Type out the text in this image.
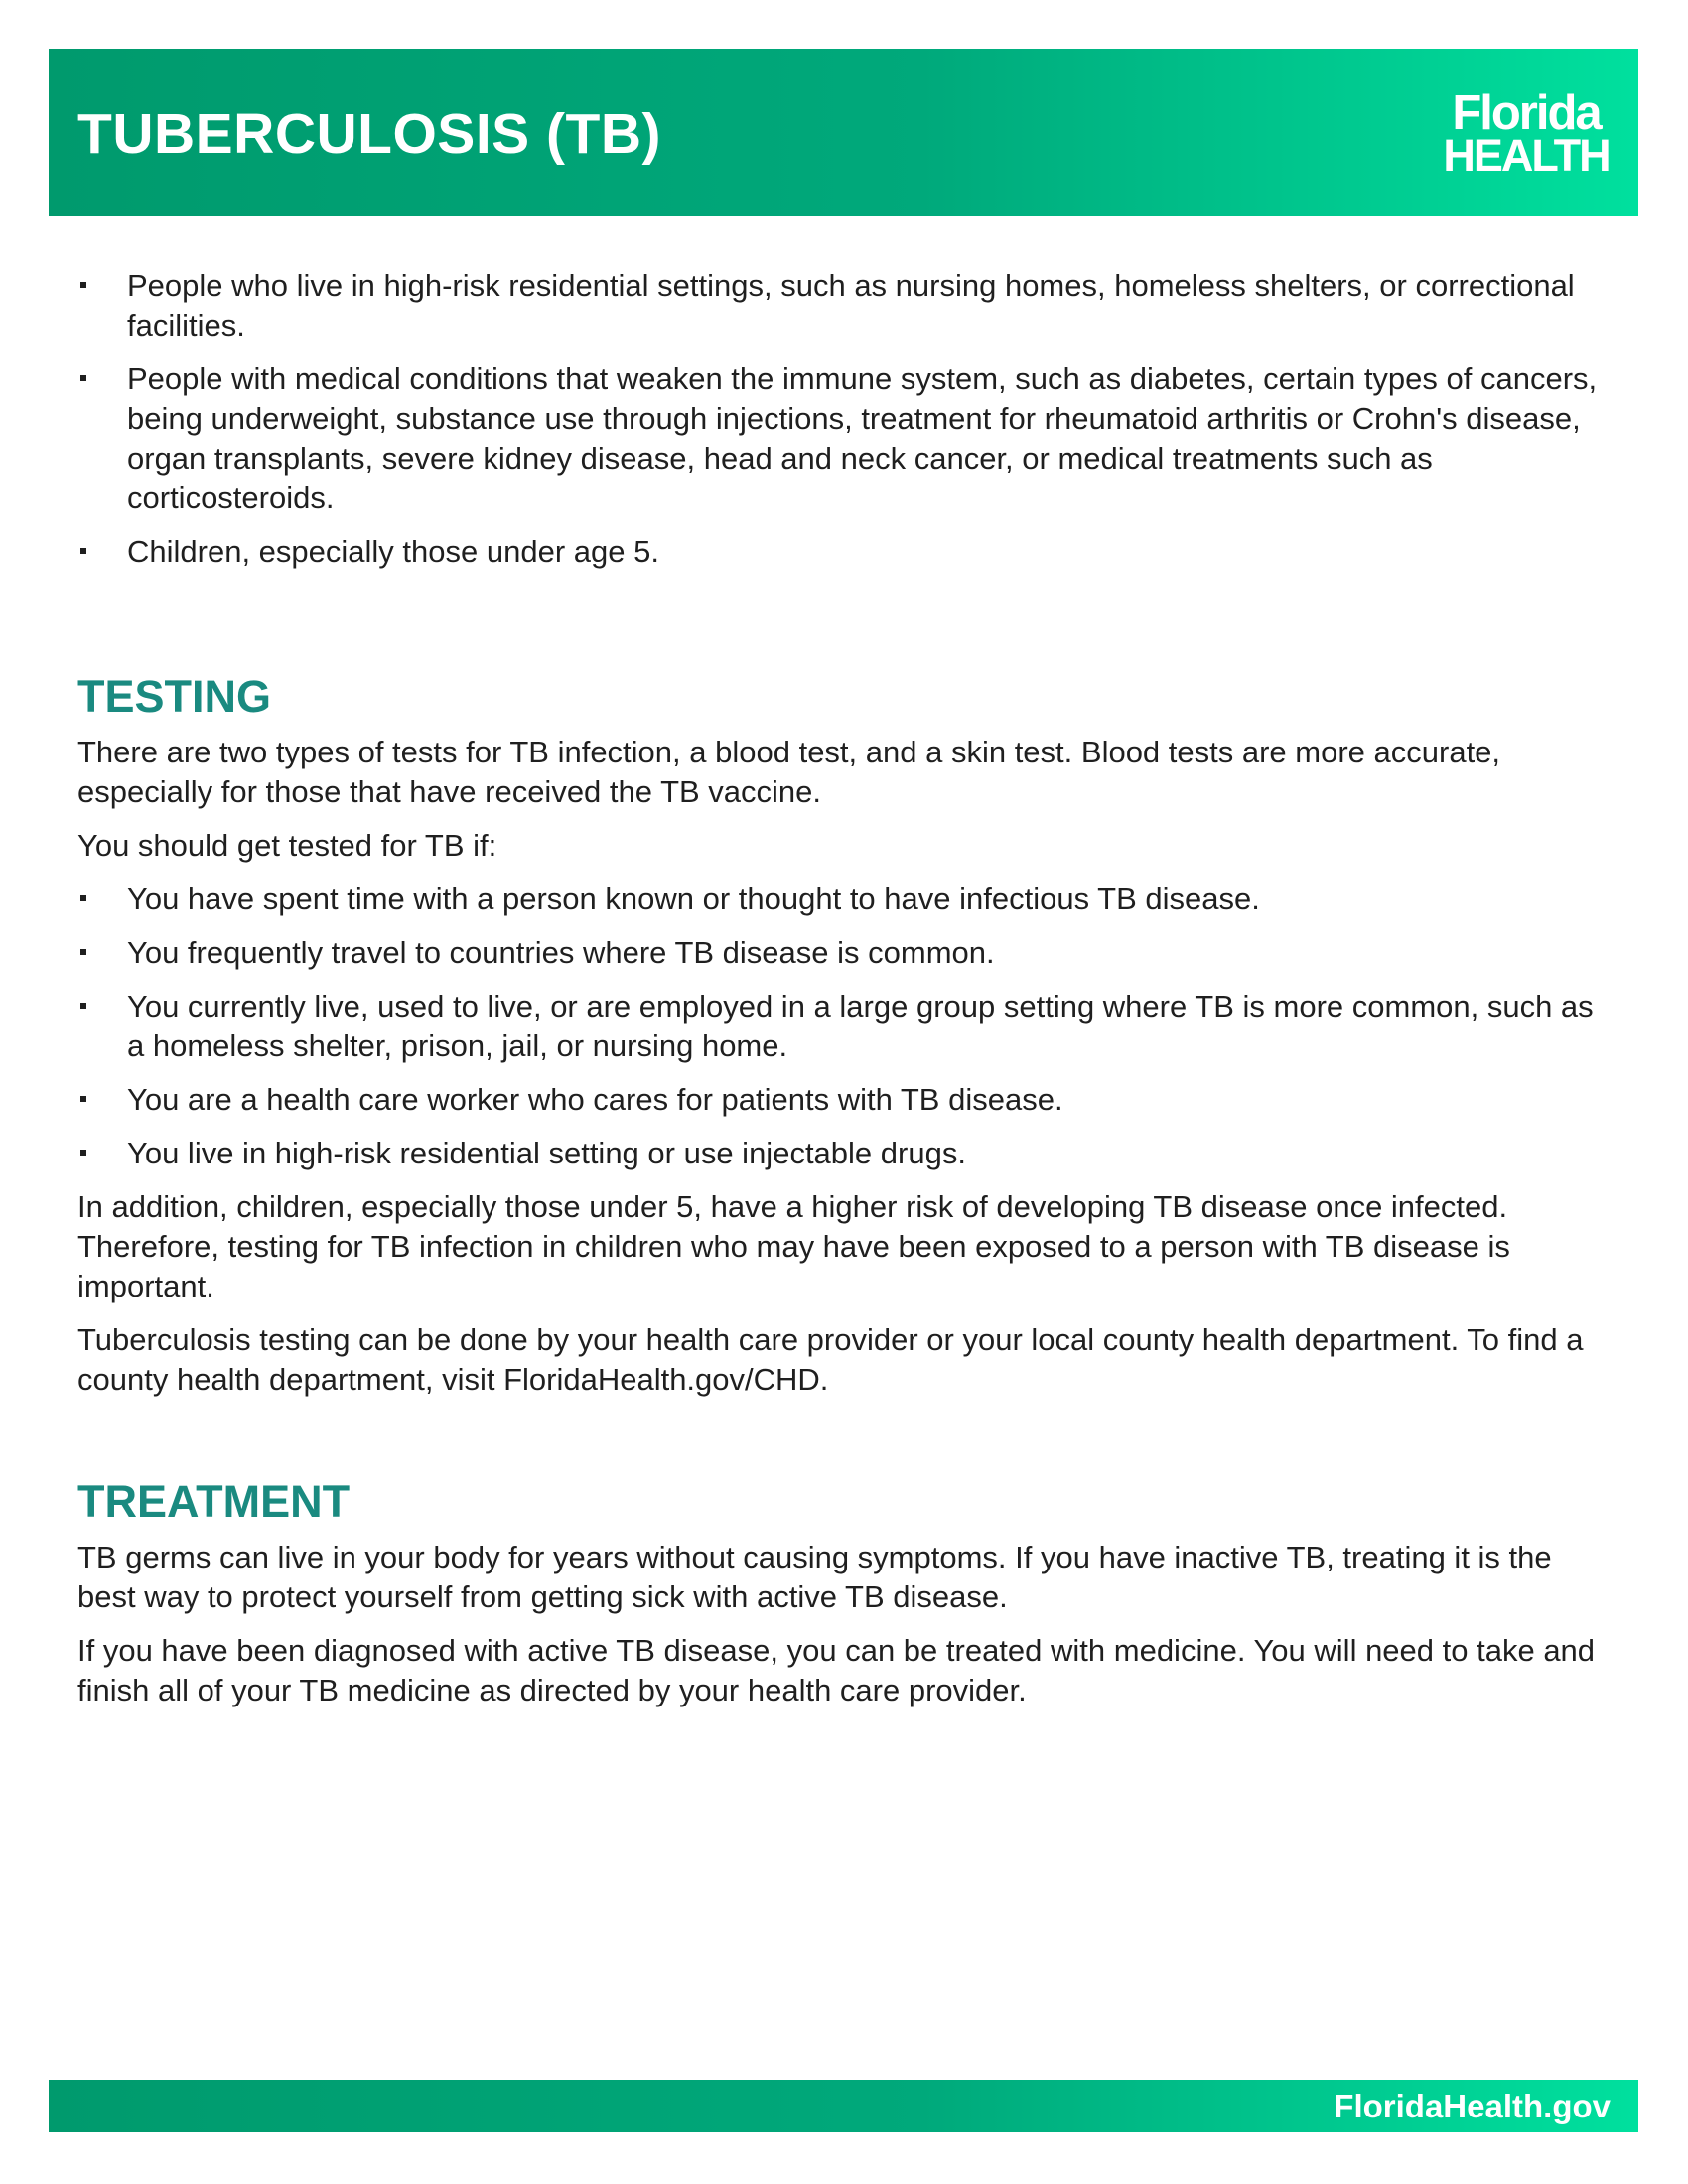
TUBERCULOSIS (TB)	Florida
HEALTH
People who live in high-risk residential settings, such as nursing homes, homeless shelters, or correctional facilities.
People with medical conditions that weaken the immune system, such as diabetes, certain types of cancers, being underweight, substance use through injections, treatment for rheumatoid arthritis or Crohn's disease, organ transplants, severe kidney disease, head and neck cancer, or medical treatments such as corticosteroids.
Children, especially those under age 5.
TESTING

There are two types of tests for TB infection, a blood test, and a skin test. Blood tests are more accurate, especially for those that have received the TB vaccine.

You should get tested for TB if:

You have spent time with a person known or thought to have infectious TB disease.
You frequently travel to countries where TB disease is common.
You currently live, used to live, or are employed in a large group setting where TB is more common, such as a homeless shelter, prison, jail, or nursing home.
You are a health care worker who cares for patients with TB disease.
You live in high-risk residential setting or use injectable drugs.

In addition, children, especially those under 5, have a higher risk of developing TB disease once infected. Therefore, testing for TB infection in children who may have been exposed to a person with TB disease is important.

Tuberculosis testing can be done by your health care provider or your local county health department. To find a county health department, visit FloridaHealth.gov/CHD.

TREATMENT

TB germs can live in your body for years without causing symptoms. If you have inactive TB, treating it is the best way to protect yourself from getting sick with active TB disease.

If you have been diagnosed with active TB disease, you can be treated with medicine. You will need to take and finish all of your TB medicine as directed by your health care provider.

FloridaHealth.gov
